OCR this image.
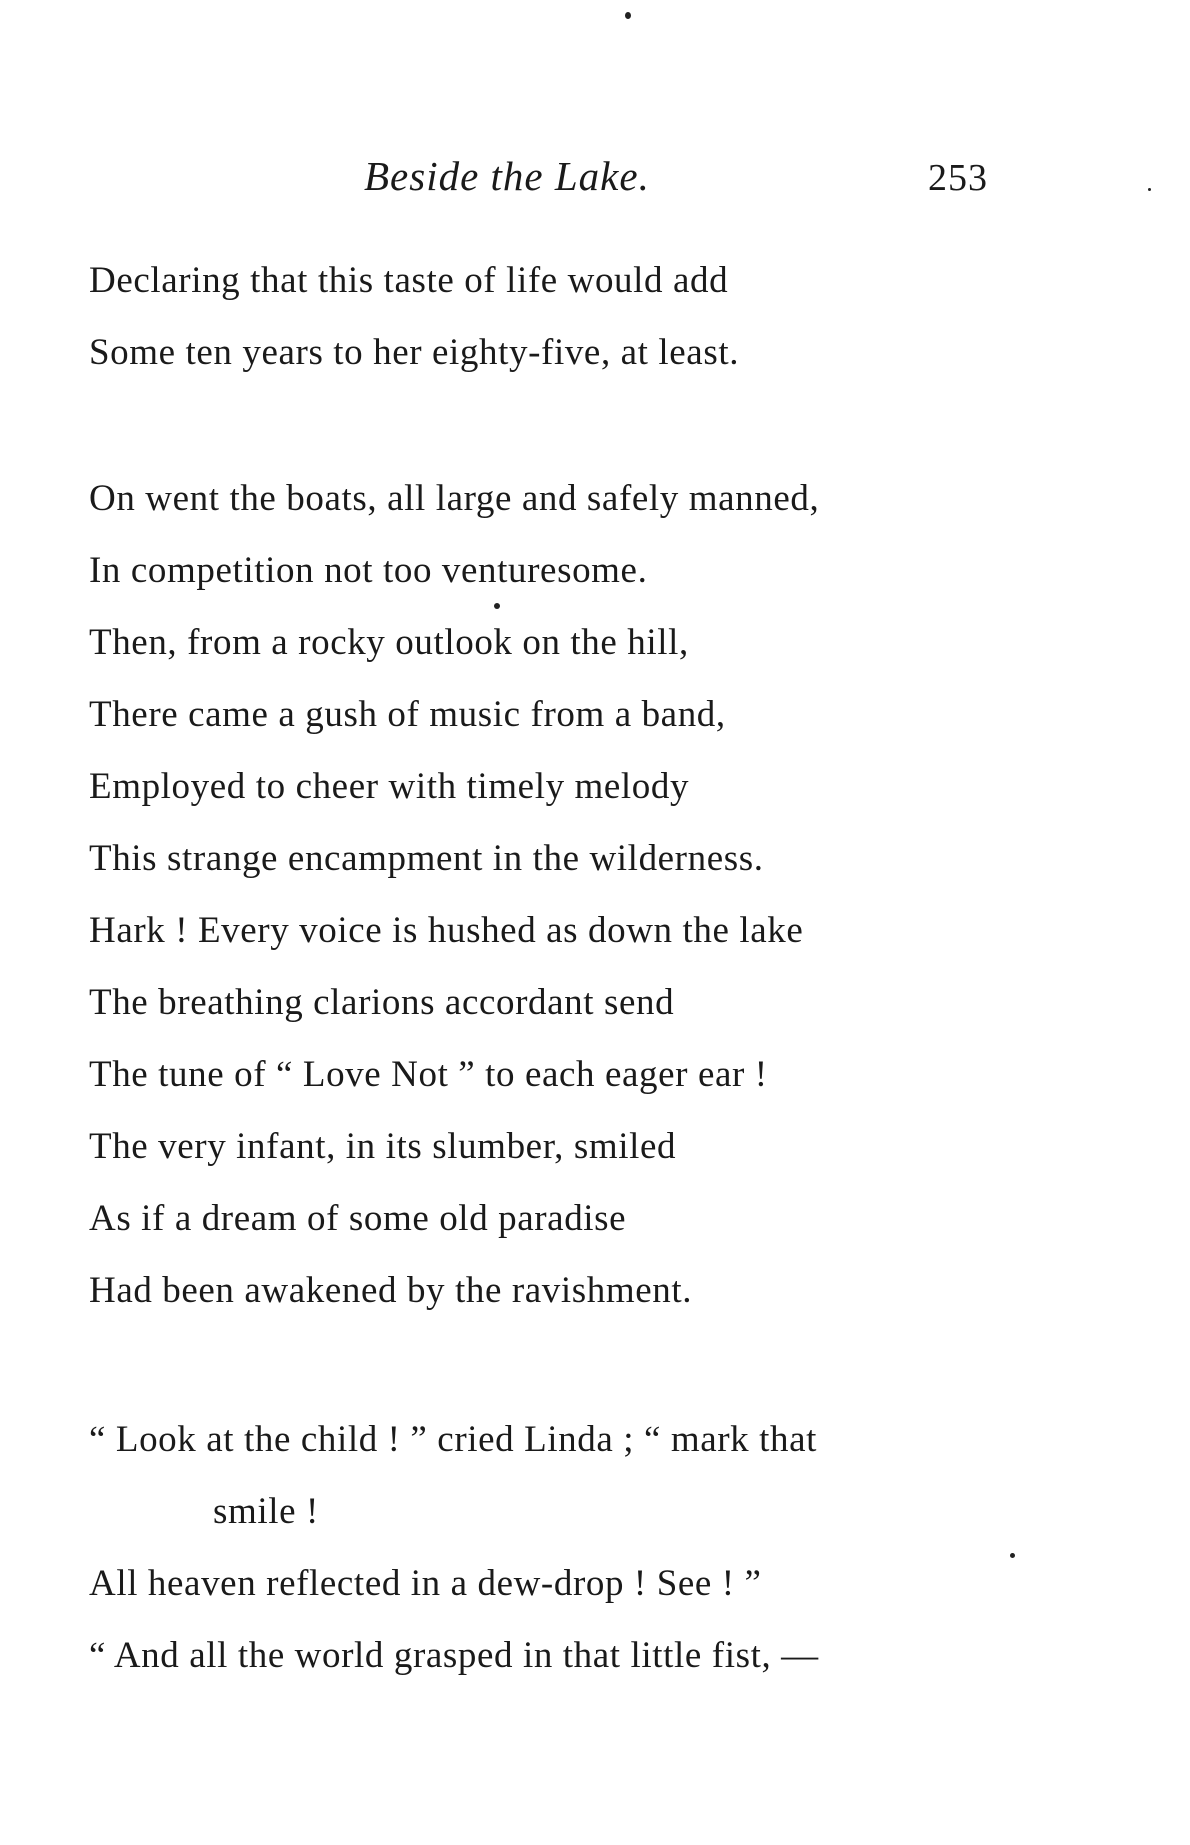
Beside the Lake.	253
Declaring that this taste of life would add
Some ten years to her eighty-five, at least.
On went the boats, all large and safely manned,
In competition not too venturesome.
Then, from a rocky outlook on the hill,
There came a gush of music from a band,
Employed to cheer with timely melody
This strange encampment in the wilderness.
Hark ! Every voice is hushed as down the lake
The breathing clarions accordant send
The tune of “ Love Not ” to each eager ear !
The very infant, in its slumber, smiled
As if a dream of some old paradise
Had been awakened by the ravishment.
“ Look at the child ! ” cried Linda ; “ mark that
smile !
All heaven reflected in a dew-drop ! See ! ”
“ And all the world grasped in that little fist, —
